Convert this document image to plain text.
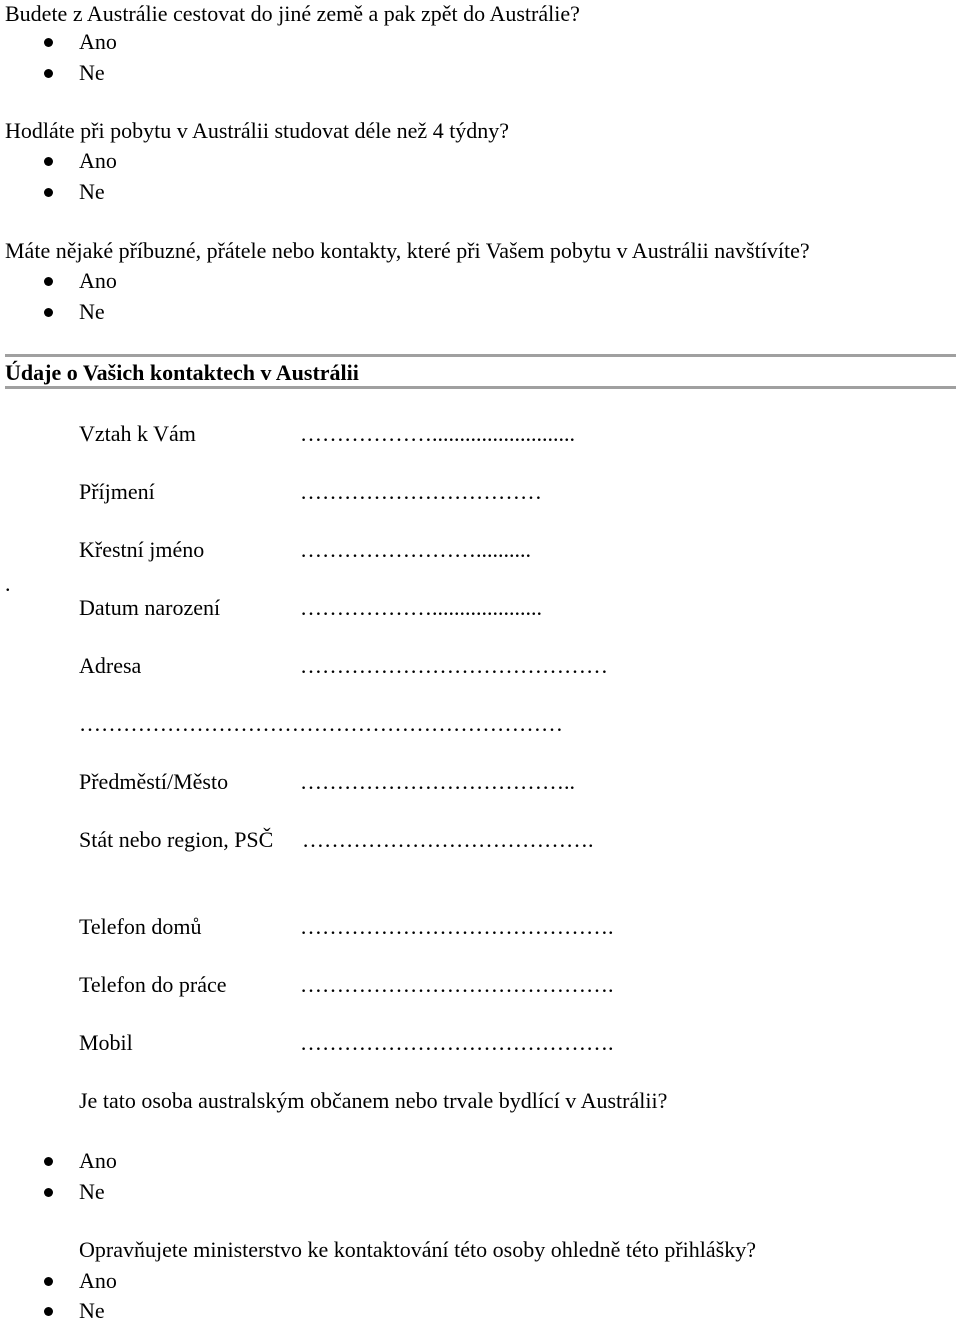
Budete z Austrálie cestovat do jiné země a pak zpět do Austrálie?
Ano
Ne
Hodláte při pobytu v Austrálii studovat déle než 4 týdny?
Ano
Ne
Máte nějaké příbuzné, přátele nebo kontakty, které při Vašem pobytu v Austrálii navštívíte?
Ano
Ne
Údaje o Vašich kontaktech v Austrálii
Vztah k Vám	………………..........................
Příjmení	……………………………
Křestní jméno	……………………..........
.
Datum narození	………………....................
Adresa	……………………………………
…………………………………………………………
Předměstí/Město	………………………………..
Stát nebo region, PSČ ………………………………….
Telefon domů	…………………………………….
Telefon do práce	…………………………………….
Mobil	…………………………………….
Je tato osoba australským občanem nebo trvale bydlící v Austrálii?
Ano
Ne
Opravňujete ministerstvo ke kontaktování této osoby ohledně této přihlášky?
Ano
Ne
